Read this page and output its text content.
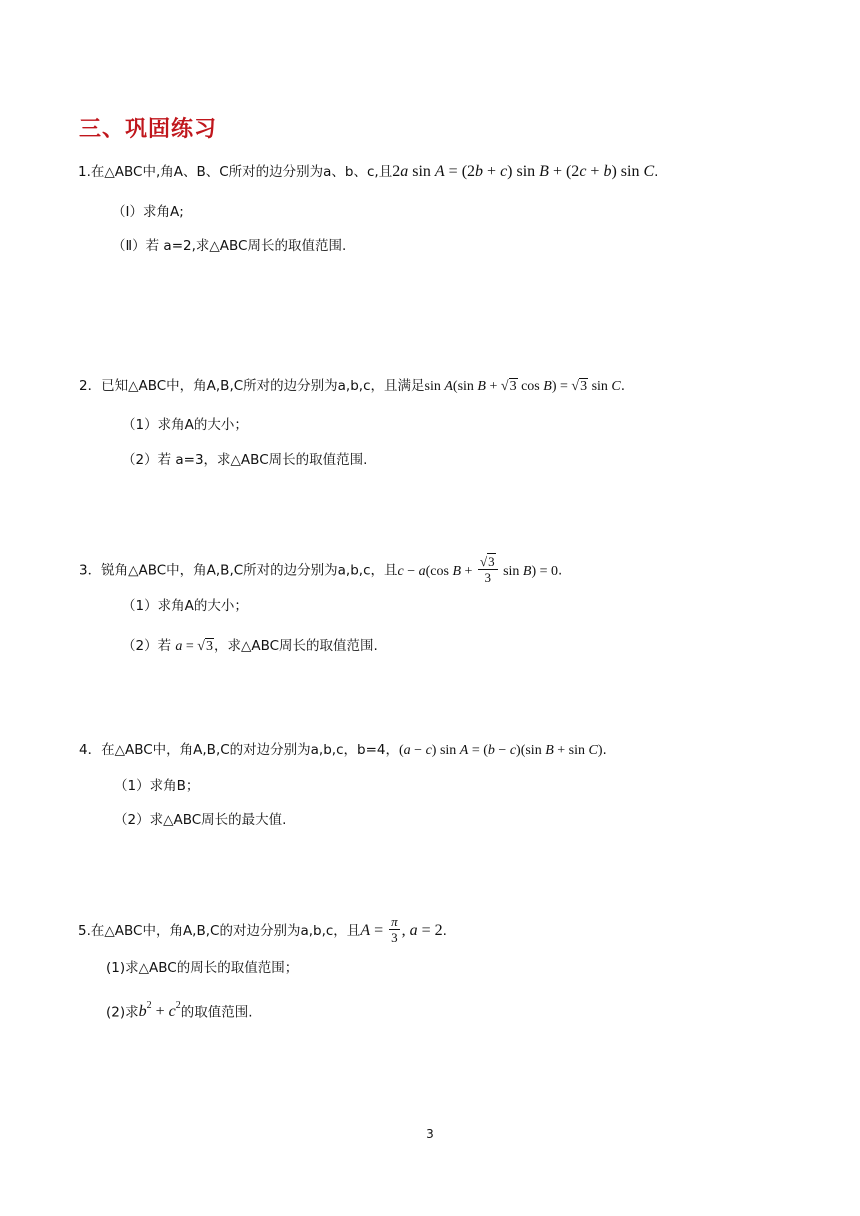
三、巩固练习
1.在△ABC中,角A、B、C所对的边分别为a、b、c,且2a sin A = (2b + c) sin B + (2c + b) sin C.
（Ⅰ）求角A;
（Ⅱ）若 a=2,求△ABC周长的取值范围.
2．已知△ABC中，角A,B,C所对的边分别为a,b,c，且满足sin A(sin B + √3 cos B) = √3 sin C.
（1）求角A的大小；
（2）若 a=3，求△ABC周长的取值范围.
3．锐角△ABC中，角A,B,C所对的边分别为a,b,c，且c − a(cos $B + \frac{√3}{3}$ sin B) = 0.
（1）求角A的大小；
（2）若 a = √3，求△ABC周长的取值范围.
4．在△ABC中，角A,B,C的对边分别为a,b,c，b=4，(a − c) sin A = (b − c)(sin B + sin C).
（1）求角B；
（2）求△ABC周长的最大值.
5.在△ABC中，角A,B,C的对边分别为a,b,c，且$A = \frac{\pi}{3}$ , a = 2.
(1)求△ABC的周长的取值范围；
(2)求$b^2 + c^2$的取值范围.
3
